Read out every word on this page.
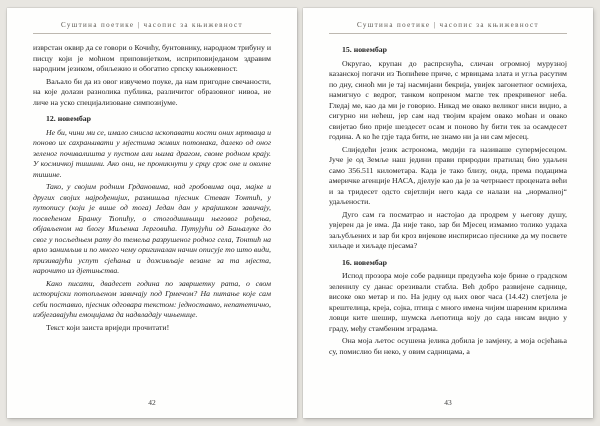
Суштина поетике | часопис за књижевност

изврстан оквир да се говори о Кочићу, бунтовнику, народном трибуну и писцу који је моћном приповијетком, исприповиједаном здравим народним језиком, обиљежио и обогатио српску књижевност.

Ваљало би да из овог извучемо поуке, да нам пригодне свечаности, на које долази разнолика публика, различитог образовног нивоа, не личе на уско специјализоване симпозијуме.

12. новембар

Не би, чини ми се, имало смисла ископавати кости оних мртваца и поново их сахрањивати у мјестима живих потомака, далеко од оног зеленог почивалишта у пустом али њима драгом, своме родном крају. У космичкој тишини. Ако они, не проникнути у срцу срж оне и околне тишине.

Тако, у својим родним Грдановима, над гробовима оца, мајке и других својих најрођенијих, размишља пјесник Стеван Тонтић, у путопису (који је више од тога) Један дан у крајишком завичају, посвећеном Бранку Ћопићу, о стогодишњици његовог рођења, објављеном на блогу Миљенка Јерговића. Путујући од Бањалуке до свог у посљедњем рату до темеља разрушеног родног села, Тонтић на врло занимљив и по много чему оригиналан начин описује то што види, призивајући успут сјећања и доживљаје везане за та мјеста, нарочито из дјетињства.

Како писати, двадесет година по завршетку рата, о свом историјски потопљеном завичају под Грмечом? На питање које сам себи поставио, пјесник одговара текстом: једноставно, непатетично, избјегавајући емоцијама да надвладају чињенице.

Текст који заиста вриједи прочитати!

42
Суштина поетике | часопис за књижевност

15. новембар

Округао, крупан до распрснућа, сличан огромној мурузној казанској погачи из Ћопићеве приче, с мрвицама злата и угља расутим по дну, синоћ ми је тај насмијани бекрија, увијек загонетног осмијеха, намигнуо с ведрог, танком копреном магле тек прекривеног неба. Гледај ме, као да ми је говорио. Никад ме овако великог ниси видио, а сигурно ни нећеш, јер сам над твојим крајем овако моћан и овако свијетао био прије шездесет осам и поново ћу бити тек за осамдесет година. А ко ће гдје тада бити, не знамо ни ја ни сам мјесец.

Слиједећи језик астронома, медији га називаше супермјесецом. Јуче је од Земље наш једини прави природни пратилац био удаљен само 356.511 километара. Када је тако близу, онда, према подацима америчке агенције НАСА, дјелује као да је за четрнаест процената већи и за тридесет одсто свјетлији него када се налази на „нормалној“ удаљености.

Дуго сам га посматрао и настојао да продрем у његову душу, увјерен да је има. Да није тако, зар би Мјесец измамио толико уздаха заљубљених и зар би кроз вијекове инспирисао пјеснике да му посвете хиљаде и хиљаде пјесама?

16. новембар

Испод прозора моје собе радници предузећа које брине о градском зеленилу су данас орезивали стабла. Већ добро развијене саднице, високе око метар и по. На једну од њих овог часа (14.42) слетјела је крештелица, креја, сојка, птица с много имена чијим шареним крилима ловци ките шешир, шумска љепотица коју до сада нисам видио у граду, међу стамбеним зградама.

Она моја љетос осушена јелика добила је замјену, а моја осјећања су, помислио би неко, у овим садницама, а

43
